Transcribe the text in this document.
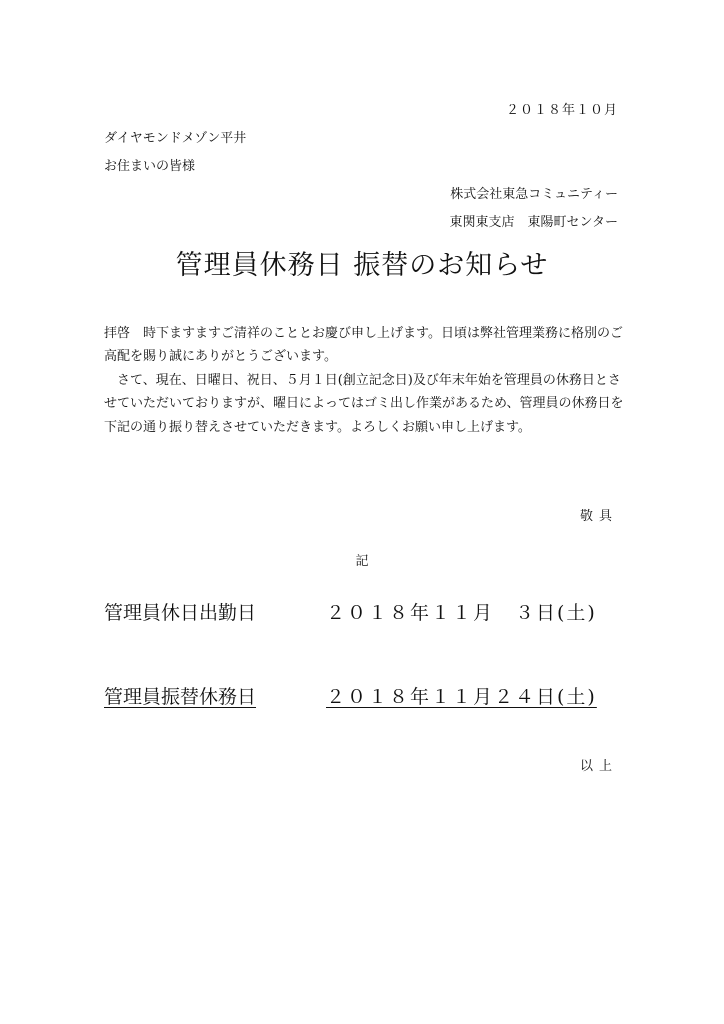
２０１８年１０月
ダイヤモンドメゾン平井
お住まいの皆様
株式会社東急コミュニティー
東関東支店　東陽町センター
管理員休務日 振替のお知らせ

拝啓　時下ますますご清祥のこととお慶び申し上げます。日頃は弊社管理業務に格別のご高配を賜り誠にありがとうございます。

さて、現在、日曜日、祝日、５月１日(創立記念日)及び年末年始を管理員の休務日とさせていただいておりますが、曜日によってはゴミ出し作業があるため、管理員の休務日を下記の通り振り替えさせていただきます。よろしくお願い申し上げます。

敬具
記
管理員休日出勤日	２０１８年１１月　３日(土)
管理員振替休務日	２０１８年１１月２４日(土)
以上
